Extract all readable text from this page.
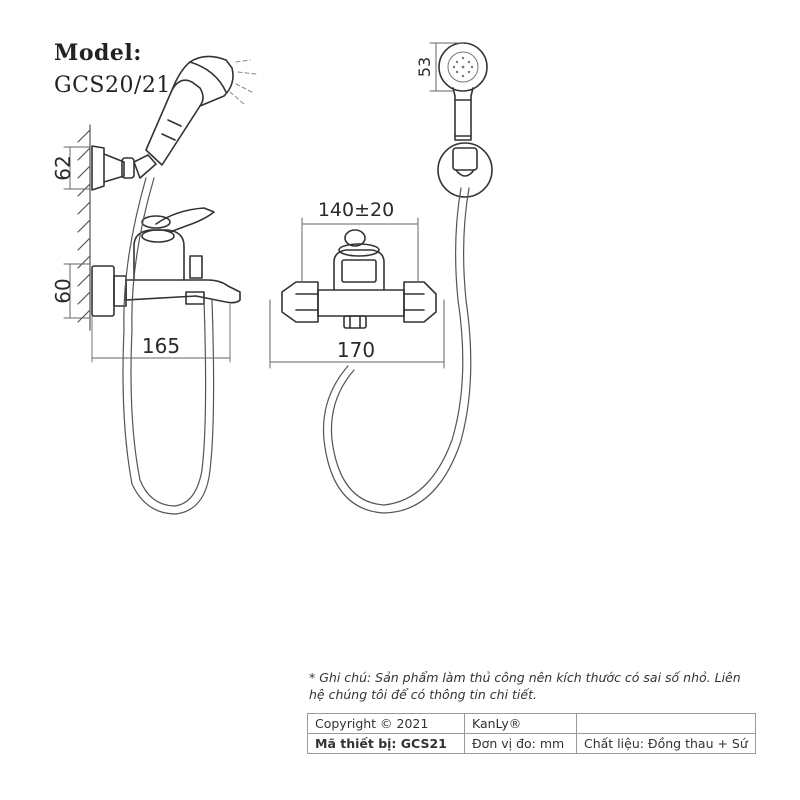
62
60
165
140±20
170
53
Model:
GCS20/21
* Ghi chú: Sản phẩm làm thủ công nên kích thước có sai số nhỏ. Liên hệ chúng tôi để có thông tin chi tiết.
Copyright © 2021	KanLy®	
Mã thiết bị: GCS21	Đơn vị đo: mm	Chất liệu: Đồng thau + Sứ
